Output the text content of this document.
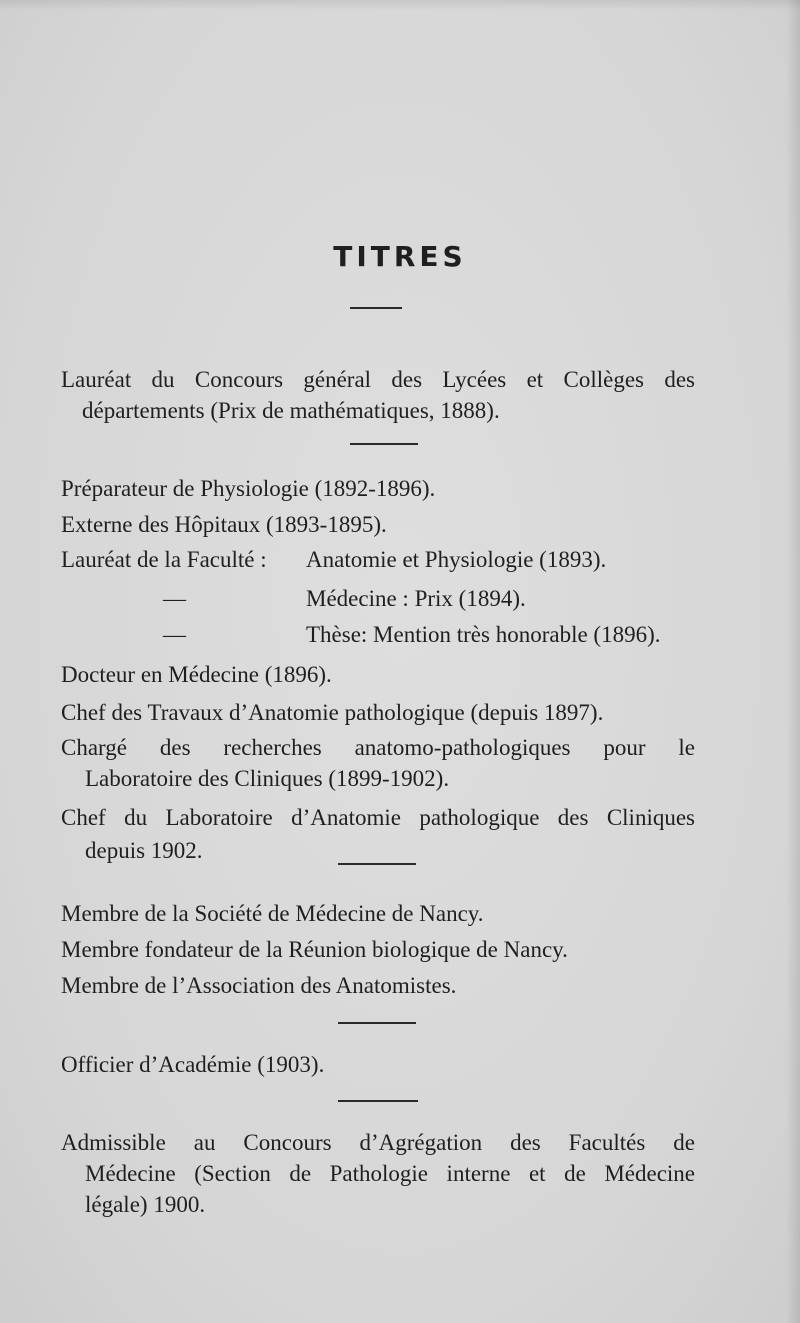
TITRES

Lauréat du Concours général des Lycées et Collèges des

départements (Prix de mathématiques, 1888).

Préparateur de Physiologie (1892-1896).

Externe des Hôpitaux (1893-1895).

Lauréat de la Faculté : Anatomie et Physiologie (1893).

—	Médecine : Prix (1894).

—	Thèse: Mention très honorable (1896).

Docteur en Médecine (1896).

Chef des Travaux d’Anatomie pathologique (depuis 1897).

Chargé des recherches anatomo-pathologiques pour le

Laboratoire des Cliniques (1899-1902).

Chef du Laboratoire d’Anatomie pathologique des Cliniques

depuis 1902.

Membre de la Société de Médecine de Nancy.

Membre fondateur de la Réunion biologique de Nancy.

Membre de l’Association des Anatomistes.

Officier d’Académie (1903).

Admissible au Concours d’Agrégation des Facultés de

Médecine (Section de Pathologie interne et de Médecine

légale) 1900.
